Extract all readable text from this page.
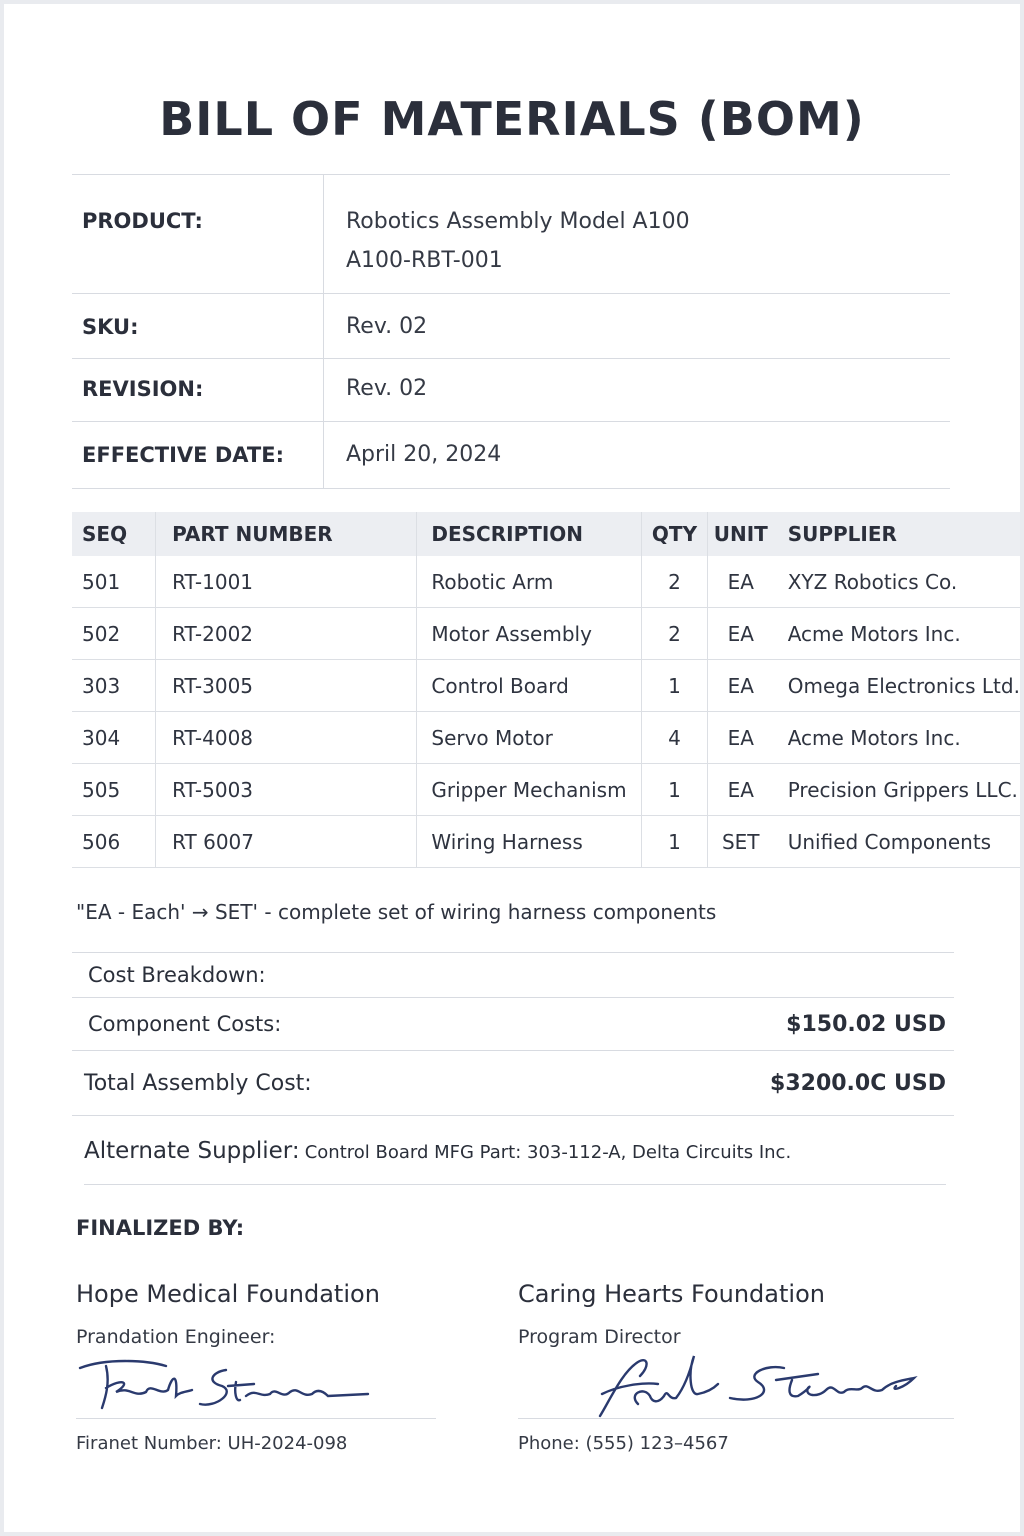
BILL OF MATERIALS (BOM)
PRODUCT:	Robotics Assembly Model A100
A100-RBT-001
SKU:	Rev. 02
REVISION:	Rev. 02
EFFECTIVE DATE:	April 20, 2024
SEQ	PART NUMBER	DESCRIPTION	QTY	UNIT	SUPPLIER
501	RT-1001	Robotic Arm	2	EA	XYZ Robotics Co.
502	RT-2002	Motor Assembly	2	EA	Acme Motors Inc.
303	RT-3005	Control Board	1	EA	Omega Electronics Ltd.
304	RT-4008	Servo Motor	4	EA	Acme Motors Inc.
505	RT-5003	Gripper Mechanism	1	EA	Precision Grippers LLC.
506	RT 6007	Wiring Harness	1	SET	Unified Components
"EA - Each' → SET' - complete set of wiring harness components
Cost Breakdown:
Component Costs:	$150.02 USD
Total Assembly Cost:	$3200.0C USD
Alternate Supplier: Control Board MFG Part: 303-112-A, Delta Circuits Inc.
FINALIZED BY:
Hope Medical Foundation
Prandation Engineer:
Firanet Number: UH-2024-098
Caring Hearts Foundation
Program Director
Phone: (555) 123–4567
